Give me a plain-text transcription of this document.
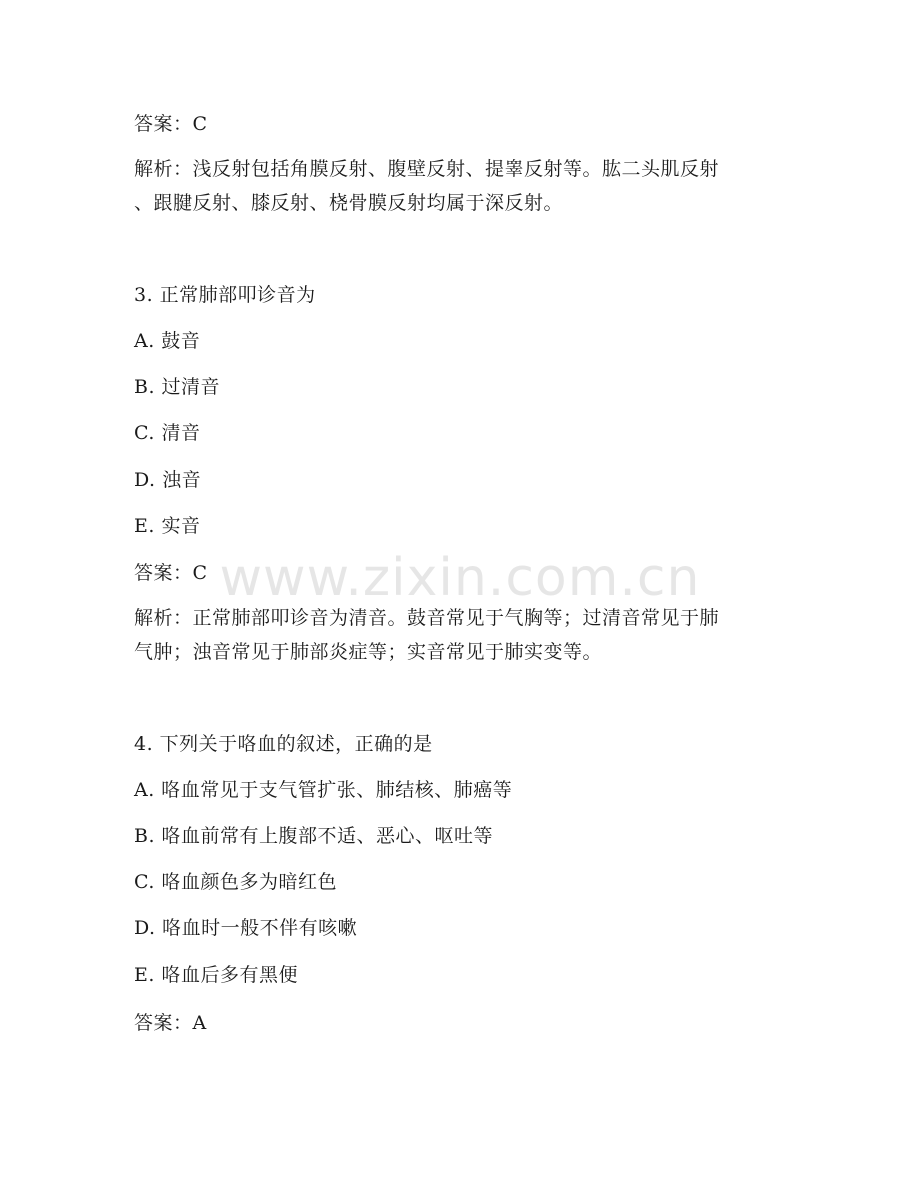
www.zixin.com.cn
答案：C
解析：浅反射包括角膜反射、腹壁反射、提睾反射等。肱二头肌反射
、跟腱反射、膝反射、桡骨膜反射均属于深反射。
3. 正常肺部叩诊音为
A. 鼓音
B. 过清音
C. 清音
D. 浊音
E. 实音
答案：C
解析：正常肺部叩诊音为清音。鼓音常见于气胸等；过清音常见于肺
气肿；浊音常见于肺部炎症等；实音常见于肺实变等。
4. 下列关于咯血的叙述，正确的是
A. 咯血常见于支气管扩张、肺结核、肺癌等
B. 咯血前常有上腹部不适、恶心、呕吐等
C. 咯血颜色多为暗红色
D. 咯血时一般不伴有咳嗽
E. 咯血后多有黑便
答案：A
